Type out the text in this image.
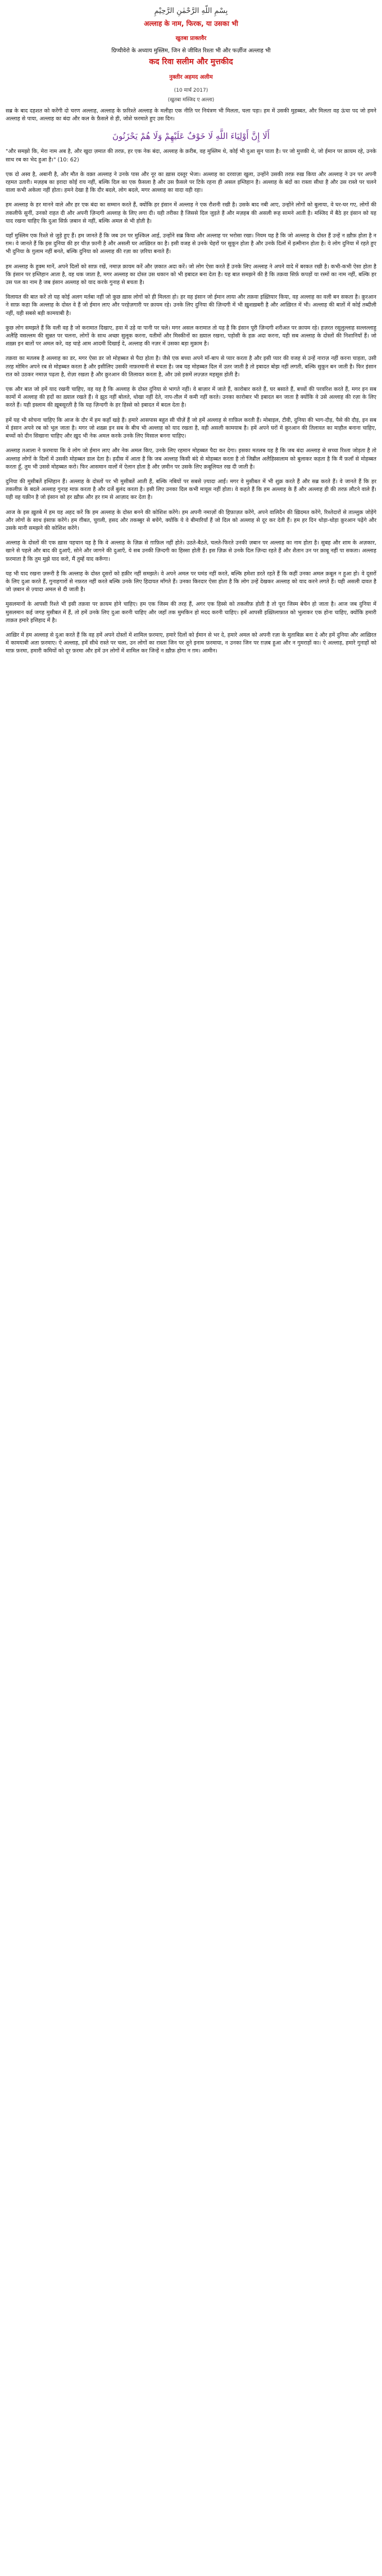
بِسْمِ اللّهِ الرَّحْمٰنِ الرَّحِيْمِ
अल्लाह के नाम, फिरक, या उसका भी
खुतबा प्राक्तवैर
ग्रिप्थीवेरो के अध्याय मुस्लिम, जिन से जीवित रिश्ता भी और फर्ज़ीज अल्लाह भी
कद रिवा सलीम और मुत्तकीद
नुक्तीर अहमद अलीम
(10 मार्च 2017)
(खुतबा मस्जिद ए अल्ला)

सब्र के बाद दहशत को करेंगी दो चरण अल्लाह, अल्लाह के फ़रिश्ते अल्लाह के मलीहा एक नीति पर नियंत्रण भी मिलता, चला पड़ा। हम में उसकी मुहब्बत, और मिलता वह ऊंचा पद जो हमने अल्लाह से पाया, अल्लाह का बंदा और कल के फ़ैसले से ही, जोशे फरमाते हुए उस दिन।

أَلَا إِنَّ أَوْلِيَاءَ اللَّهِ لَا خَوْفٌ عَلَيْهِمْ وَلَا هُمْ يَحْزَنُونَ

"और समझो कि, मेरा नाम अब है, और खुदा ज़मात की तरफ़, हर एक नेक बंदा, अल्लाह के क़रीब, वह मुस्लिम थे, कोई भी दुआ सुन पाता है। पर जो मुत्तकी थे, जो ईमान पर क़ायम रहे, उनके साथ रब का भेद हुआ है।" (10: 62)

एक दो अस्व है, अबानी है, और मौत के वक़्त अल्लाह ने उनके पास और नूर का ख़ास दस्तूर भेजा। अल्लाह का दरवाज़ा खुला, उन्होंने उसकी तरफ़ रुख़ किया और अल्लाह ने उन पर अपनी रहमत उतारी। मज़हब का इरादा कोई राय नहीं, बल्कि दिल का एक फ़ैसला है और उस फ़ैसले पर टिके रहना ही असल इम्तिहान है। अल्लाह के बंदों का रास्ता सीधा है और उस रास्ते पर चलने वाला कभी अकेला नहीं होता। हमने देखा है कि दौर बदले, लोग बदले, मगर अल्लाह का वादा वही रहा।

हम अल्लाह के हर मानने वाले और हर एक बंदा का सम्मान करते हैं, क्योंकि हर इंसान में अल्लाह ने एक रौशनी रखी है। उसके बाद नबी आए, उन्होंने लोगों को बुलाया, वे घर-घर गए, लोगों की तकलीफें सुनीं, उनको राहत दी और अपनी ज़िन्दगी अल्लाह के लिए लगा दी। यही तरीका है जिससे दिल जुड़ते हैं और मज़हब की असली रूह सामने आती है। मस्जिद में बैठे हर इंसान को यह याद रखना चाहिए कि दुआ सिर्फ़ ज़बान से नहीं, बल्कि अमल से भी होती है।

यहाँ मुस्लिम एक रिश्ते से जुड़े हुए हैं। हम जानते हैं कि जब उन पर मुश्किल आई, उन्होंने सब्र किया और अल्लाह पर भरोसा रखा। नियम यह है कि जो अल्लाह के दोस्त हैं उन्हें न ख़ौफ़ होता है न ग़म। वे जानते हैं कि इस दुनिया की हर चीज़ फ़ानी है और असली घर आख़िरत का है। इसी वजह से उनके चेहरों पर सुकून होता है और उनके दिलों में इत्मीनान होता है। ये लोग दुनिया में रहते हुए भी दुनिया के ग़ुलाम नहीं बनते, बल्कि दुनिया को अल्लाह की रज़ा का ज़रिया बनाते हैं।

हम अल्लाह के हुक्म मानें, अपने दिलों को साफ़ रखें, नमाज़ क़ायम करें और ज़कात अदा करें। जो लोग ऐसा करते हैं उनके लिए अल्लाह ने अपने वादे में बरकत रखी है। कभी-कभी ऐसा होता है कि इंसान पर इम्तिहान आता है, वह थक जाता है, मगर अल्लाह का दोस्त उस थकान को भी इबादत बना देता है। यह बात समझने की है कि तक़वा सिर्फ़ कपड़ों या रस्मों का नाम नहीं, बल्कि हर उस पल का नाम है जब इंसान अल्लाह को याद करके गुनाह से बचता है।

विलायत की बात करें तो यह कोई अलग मर्तबा नहीं जो कुछ ख़ास लोगों को ही मिलता हो। हर वह इंसान जो ईमान लाया और तक़वा इख़्तियार किया, वह अल्लाह का वली बन सकता है। क़ुरआन ने साफ़ कहा कि अल्लाह के दोस्त वे हैं जो ईमान लाए और परहेज़गारी पर क़ायम रहे। उनके लिए दुनिया की ज़िन्दगी में भी ख़ुशख़बरी है और आख़िरत में भी। अल्लाह की बातों में कोई तब्दीली नहीं, यही सबसे बड़ी कामयाबी है।

कुछ लोग समझते हैं कि वली वह है जो करामात दिखाए, हवा में उड़े या पानी पर चले। मगर असल करामात तो यह है कि इंसान पूरी ज़िन्दगी शरीअत पर क़ायम रहे। हज़रत रसूलुल्लाह सल्लल्लाहु अलैहि वसल्लम की सुन्नत पर चलना, लोगों के साथ अच्छा सुलूक करना, यतीमों और मिस्कीनों का ख़्याल रखना, पड़ोसी के हक़ अदा करना, यही सब अल्लाह के दोस्तों की निशानियाँ हैं। जो शख़्स इन बातों पर अमल करे, वह चाहे आम आदमी दिखाई दे, अल्लाह की नज़र में उसका बड़ा मुक़ाम है।

तक़वा का मतलब है अल्लाह का डर, मगर ऐसा डर जो मोहब्बत से पैदा होता है। जैसे एक बच्चा अपने माँ-बाप से प्यार करता है और इसी प्यार की वजह से उन्हें नाराज़ नहीं करना चाहता, उसी तरह मोमिन अपने रब से मोहब्बत करता है और इसीलिए उसकी नाफ़रमानी से बचता है। जब यह मोहब्बत दिल में उतर जाती है तो इबादत बोझ नहीं लगती, बल्कि सुकून बन जाती है। फिर इंसान रात को उठकर नमाज़ पढ़ता है, रोज़ा रखता है और क़ुरआन की तिलावत करता है, और उसे इसमें लज़्ज़त महसूस होती है।

एक और बात जो हमें याद रखनी चाहिए, वह यह है कि अल्लाह के दोस्त दुनिया से भागते नहीं। वे बाज़ार में जाते हैं, कारोबार करते हैं, घर बसाते हैं, बच्चों की परवरिश करते हैं, मगर इन सब कामों में अल्लाह की हदों का ख़्याल रखते हैं। वे झूठ नहीं बोलते, धोखा नहीं देते, नाप-तौल में कमी नहीं करते। उनका कारोबार भी इबादत बन जाता है क्योंकि वे उसे अल्लाह की रज़ा के लिए करते हैं। यही इस्लाम की ख़ूबसूरती है कि यह ज़िन्दगी के हर हिस्से को इबादत में बदल देता है।

हमें यह भी सोचना चाहिए कि आज के दौर में हम कहाँ खड़े हैं। हमारे आसपास बहुत सी चीज़ें हैं जो हमें अल्लाह से ग़ाफ़िल करती हैं। मोबाइल, टीवी, दुनिया की भाग-दौड़, पैसे की दौड़, इन सब में इंसान अपने रब को भूल जाता है। मगर जो शख़्स इन सब के बीच भी अल्लाह को याद रखता है, वही असली कामयाब है। हमें अपने घरों में क़ुरआन की तिलावत का माहौल बनाना चाहिए, बच्चों को दीन सिखाना चाहिए और ख़ुद भी नेक अमल करके उनके लिए मिसाल बनना चाहिए।

अल्लाह तआला ने फ़रमाया कि वे लोग जो ईमान लाए और नेक अमल किए, उनके लिए रहमान मोहब्बत पैदा कर देगा। इसका मतलब यह है कि जब बंदा अल्लाह से सच्चा रिश्ता जोड़ता है तो अल्लाह लोगों के दिलों में उसकी मोहब्बत डाल देता है। हदीस में आता है कि जब अल्लाह किसी बंदे से मोहब्बत करता है तो जिब्रील अलैहिस्सलाम को बुलाकर कहता है कि मैं फ़लाँ से मोहब्बत करता हूँ, तुम भी उससे मोहब्बत करो। फिर आसमान वालों में ऐलान होता है और ज़मीन पर उसके लिए क़बूलियत रख दी जाती है।

दुनिया की मुसीबतें इम्तिहान हैं। अल्लाह के दोस्तों पर भी मुसीबतें आती हैं, बल्कि नबियों पर सबसे ज़्यादा आईं। मगर वे मुसीबत में भी शुक्र करते हैं और सब्र करते हैं। वे जानते हैं कि हर तकलीफ़ के बदले अल्लाह गुनाह माफ़ करता है और दर्जे बुलंद करता है। इसी लिए उनका दिल कभी मायूस नहीं होता। वे कहते हैं कि हम अल्लाह के हैं और अल्लाह ही की तरफ़ लौटने वाले हैं। यही वह यक़ीन है जो इंसान को हर ख़ौफ़ और हर ग़म से आज़ाद कर देता है।

आज के इस ख़ुतबे में हम यह अहद करें कि हम अल्लाह के दोस्त बनने की कोशिश करेंगे। हम अपनी नमाज़ों की हिफ़ाज़त करेंगे, अपने वालिदैन की ख़िदमत करेंगे, रिश्तेदारों से ताल्लुक़ जोड़ेंगे और लोगों के साथ इंसाफ़ करेंगे। हम ग़ीबत, चुग़ली, हसद और तकब्बुर से बचेंगे, क्योंकि ये वे बीमारियाँ हैं जो दिल को अल्लाह से दूर कर देती हैं। हम हर दिन थोड़ा-थोड़ा क़ुरआन पढ़ेंगे और उसके मानी समझने की कोशिश करेंगे।

अल्लाह के दोस्तों की एक ख़ास पहचान यह है कि वे अल्लाह के ज़िक्र से ग़ाफ़िल नहीं होते। उठते-बैठते, चलते-फिरते उनकी ज़बान पर अल्लाह का नाम होता है। सुबह और शाम के अज़कार, खाने से पहले और बाद की दुआएँ, सोने और जागने की दुआएँ, ये सब उनकी ज़िन्दगी का हिस्सा होती हैं। इस ज़िक्र से उनके दिल ज़िन्दा रहते हैं और शैतान उन पर क़ाबू नहीं पा सकता। अल्लाह फ़रमाता है कि तुम मुझे याद करो, मैं तुम्हें याद करूँगा।

यह भी याद रखना ज़रूरी है कि अल्लाह के दोस्त दूसरों को हक़ीर नहीं समझते। वे अपने अमल पर घमंड नहीं करते, बल्कि हमेशा डरते रहते हैं कि कहीं उनका अमल क़बूल न हुआ हो। वे दूसरों के लिए दुआ करते हैं, गुनाहगारों से नफ़रत नहीं करते बल्कि उनके लिए हिदायत माँगते हैं। उनका किरदार ऐसा होता है कि लोग उन्हें देखकर अल्लाह को याद करने लगते हैं। यही असली दावत है जो ज़बान से ज़्यादा अमल से दी जाती है।

मुसलमानों के आपसी रिश्ते भी इसी तक़वा पर क़ायम होने चाहिए। हम एक जिस्म की तरह हैं, अगर एक हिस्से को तकलीफ़ होती है तो पूरा जिस्म बेचैन हो जाता है। आज जब दुनिया में मुसलमान कई जगह मुसीबत में हैं, तो हमें उनके लिए दुआ करनी चाहिए और जहाँ तक मुमकिन हो मदद करनी चाहिए। हमें आपसी इख़्तिलाफ़ात को भुलाकर एक होना चाहिए, क्योंकि हमारी ताक़त हमारे इत्तिहाद में है।

आख़िर में हम अल्लाह से दुआ करते हैं कि वह हमें अपने दोस्तों में शामिल फ़रमाए, हमारे दिलों को ईमान से भर दे, हमारे अमल को अपनी रज़ा के मुताबिक़ बना दे और हमें दुनिया और आख़िरत में कामयाबी अता फ़रमाए। ऐ अल्लाह, हमें सीधे रास्ते पर चला, उन लोगों का रास्ता जिन पर तूने इनाम फ़रमाया, न उनका जिन पर ग़ज़ब हुआ और न गुमराहों का। ऐ अल्लाह, हमारे गुनाहों को माफ़ फ़रमा, हमारी कमियों को दूर फ़रमा और हमें उन लोगों में शामिल कर जिन्हें न ख़ौफ़ होगा न ग़म। आमीन।
